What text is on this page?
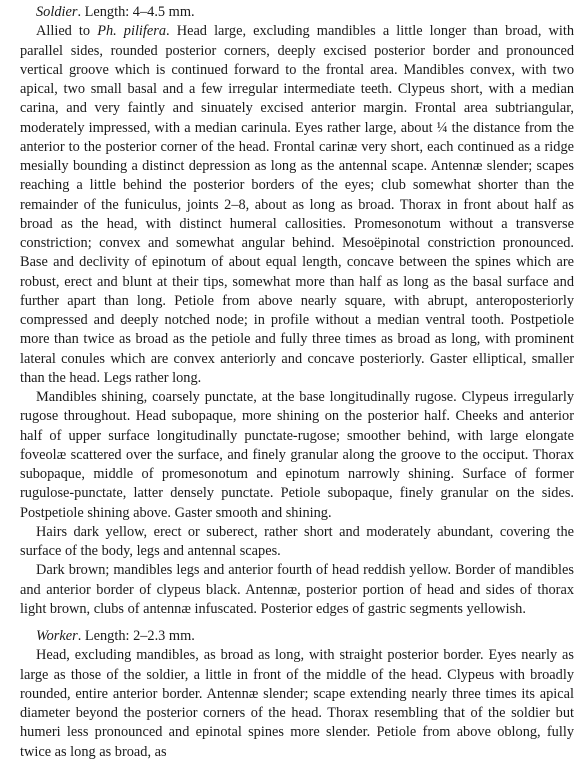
Soldier. Length: 4–4.5 mm.

Allied to Ph. pilifera. Head large, excluding mandibles a little longer than broad, with parallel sides, rounded posterior corners, deeply excised posterior border and pronounced vertical groove which is continued forward to the frontal area. Mandibles convex, with two apical, two small basal and a few irregular intermediate teeth. Clypeus short, with a median carina, and very faintly and sinuately excised anterior margin. Frontal area subtriangular, moderately impressed, with a median carinula. Eyes rather large, about ¼ the distance from the anterior to the posterior corner of the head. Frontal carinæ very short, each continued as a ridge mesially bounding a distinct depression as long as the antennal scape. Antennæ slender; scapes reaching a little behind the posterior borders of the eyes; club somewhat shorter than the remainder of the funiculus, joints 2–8, about as long as broad. Thorax in front about half as broad as the head, with distinct humeral callosities. Promesonotum without a transverse constriction; convex and somewhat angular behind. Mesoëpinotal constriction pronounced. Base and declivity of epinotum of about equal length, concave between the spines which are robust, erect and blunt at their tips, somewhat more than half as long as the basal surface and further apart than long. Petiole from above nearly square, with abrupt, anteroposteriorly compressed and deeply notched node; in profile without a median ventral tooth. Postpetiole more than twice as broad as the petiole and fully three times as broad as long, with prominent lateral conules which are convex anteriorly and concave posteriorly. Gaster elliptical, smaller than the head. Legs rather long.

Mandibles shining, coarsely punctate, at the base longitudinally rugose. Clypeus irregularly rugose throughout. Head subopaque, more shining on the posterior half. Cheeks and anterior half of upper surface longitudinally punctate-rugose; smoother behind, with large elongate foveolæ scattered over the surface, and finely granular along the groove to the occiput. Thorax subopaque, middle of promesonotum and epinotum narrowly shining. Surface of former rugulose-punctate, latter densely punctate. Petiole subopaque, finely granular on the sides. Postpetiole shining above. Gaster smooth and shining.

Hairs dark yellow, erect or suberect, rather short and moderately abundant, covering the surface of the body, legs and antennal scapes.

Dark brown; mandibles legs and anterior fourth of head reddish yellow. Border of mandibles and anterior border of clypeus black. Antennæ, posterior portion of head and sides of thorax light brown, clubs of antennæ infuscated. Posterior edges of gastric segments yellowish.

Worker. Length: 2–2.3 mm.

Head, excluding mandibles, as broad as long, with straight posterior border. Eyes nearly as large as those of the soldier, a little in front of the middle of the head. Clypeus with broadly rounded, entire anterior border. Antennæ slender; scape extending nearly three times its apical diameter beyond the posterior corners of the head. Thorax resembling that of the soldier but humeri less pronounced and epinotal spines more slender. Petiole from above oblong, fully twice as long as broad, as
